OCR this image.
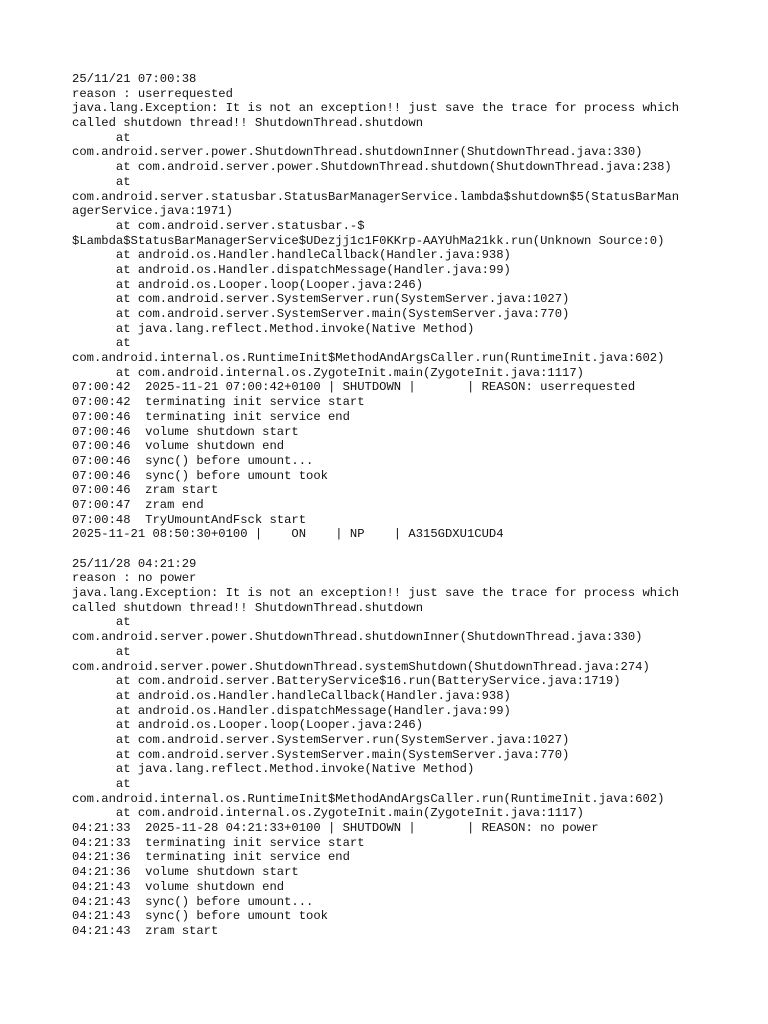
25/11/21 07:00:38
reason : userrequested
java.lang.Exception: It is not an exception!! just save the trace for process which
called shutdown thread!! ShutdownThread.shutdown
at
com.android.server.power.ShutdownThread.shutdownInner(ShutdownThread.java:330)
at com.android.server.power.ShutdownThread.shutdown(ShutdownThread.java:238)
at
com.android.server.statusbar.StatusBarManagerService.lambda$shutdown$5(StatusBarMan
agerService.java:1971)
at com.android.server.statusbar.-$
$Lambda$StatusBarManagerService$UDezjj1c1F0KKrp-AAYUhMa21kk.run(Unknown Source:0)
at android.os.Handler.handleCallback(Handler.java:938)
at android.os.Handler.dispatchMessage(Handler.java:99)
at android.os.Looper.loop(Looper.java:246)
at com.android.server.SystemServer.run(SystemServer.java:1027)
at com.android.server.SystemServer.main(SystemServer.java:770)
at java.lang.reflect.Method.invoke(Native Method)
at
com.android.internal.os.RuntimeInit$MethodAndArgsCaller.run(RuntimeInit.java:602)
at com.android.internal.os.ZygoteInit.main(ZygoteInit.java:1117)
07:00:42  2025-11-21 07:00:42+0100 | SHUTDOWN |       | REASON: userrequested
07:00:42  terminating init service start
07:00:46  terminating init service end
07:00:46  volume shutdown start
07:00:46  volume shutdown end
07:00:46  sync() before umount...
07:00:46  sync() before umount took
07:00:46  zram start
07:00:47  zram end
07:00:48  TryUmountAndFsck start
2025-11-21 08:50:30+0100 |    ON    | NP    | A315GDXU1CUD4
25/11/28 04:21:29
reason : no power
java.lang.Exception: It is not an exception!! just save the trace for process which
called shutdown thread!! ShutdownThread.shutdown
at
com.android.server.power.ShutdownThread.shutdownInner(ShutdownThread.java:330)
at
com.android.server.power.ShutdownThread.systemShutdown(ShutdownThread.java:274)
at com.android.server.BatteryService$16.run(BatteryService.java:1719)
at android.os.Handler.handleCallback(Handler.java:938)
at android.os.Handler.dispatchMessage(Handler.java:99)
at android.os.Looper.loop(Looper.java:246)
at com.android.server.SystemServer.run(SystemServer.java:1027)
at com.android.server.SystemServer.main(SystemServer.java:770)
at java.lang.reflect.Method.invoke(Native Method)
at
com.android.internal.os.RuntimeInit$MethodAndArgsCaller.run(RuntimeInit.java:602)
at com.android.internal.os.ZygoteInit.main(ZygoteInit.java:1117)
04:21:33  2025-11-28 04:21:33+0100 | SHUTDOWN |       | REASON: no power
04:21:33  terminating init service start
04:21:36  terminating init service end
04:21:36  volume shutdown start
04:21:43  volume shutdown end
04:21:43  sync() before umount...
04:21:43  sync() before umount took
04:21:43  zram start
